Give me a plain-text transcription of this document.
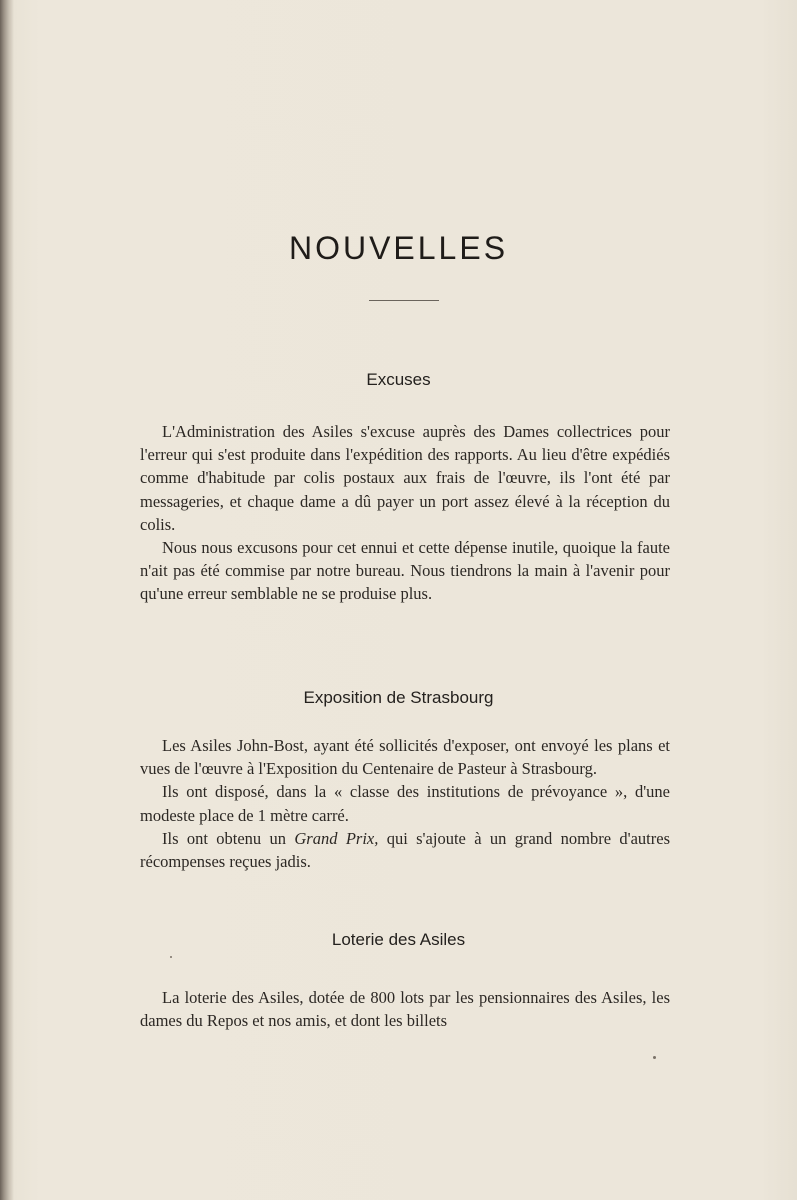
NOUVELLES
Excuses

L'Administration des Asiles s'excuse auprès des Dames collectrices pour l'erreur qui s'est produite dans l'expédition des rapports. Au lieu d'être expédiés comme d'habitude par colis postaux aux frais de l'œuvre, ils l'ont été par messageries, et chaque dame a dû payer un port assez élevé à la réception du colis.

Nous nous excusons pour cet ennui et cette dépense inutile, quoique la faute n'ait pas été commise par notre bureau. Nous tiendrons la main à l'avenir pour qu'une erreur semblable ne se produise plus.

Exposition de Strasbourg

Les Asiles John-Bost, ayant été sollicités d'exposer, ont envoyé les plans et vues de l'œuvre à l'Exposition du Centenaire de Pasteur à Strasbourg.

Ils ont disposé, dans la « classe des institutions de prévoyance », d'une modeste place de 1 mètre carré.

Ils ont obtenu un Grand Prix, qui s'ajoute à un grand nombre d'autres récompenses reçues jadis.

Loterie des Asiles

La loterie des Asiles, dotée de 800 lots par les pensionnaires des Asiles, les dames du Repos et nos amis, et dont les billets
